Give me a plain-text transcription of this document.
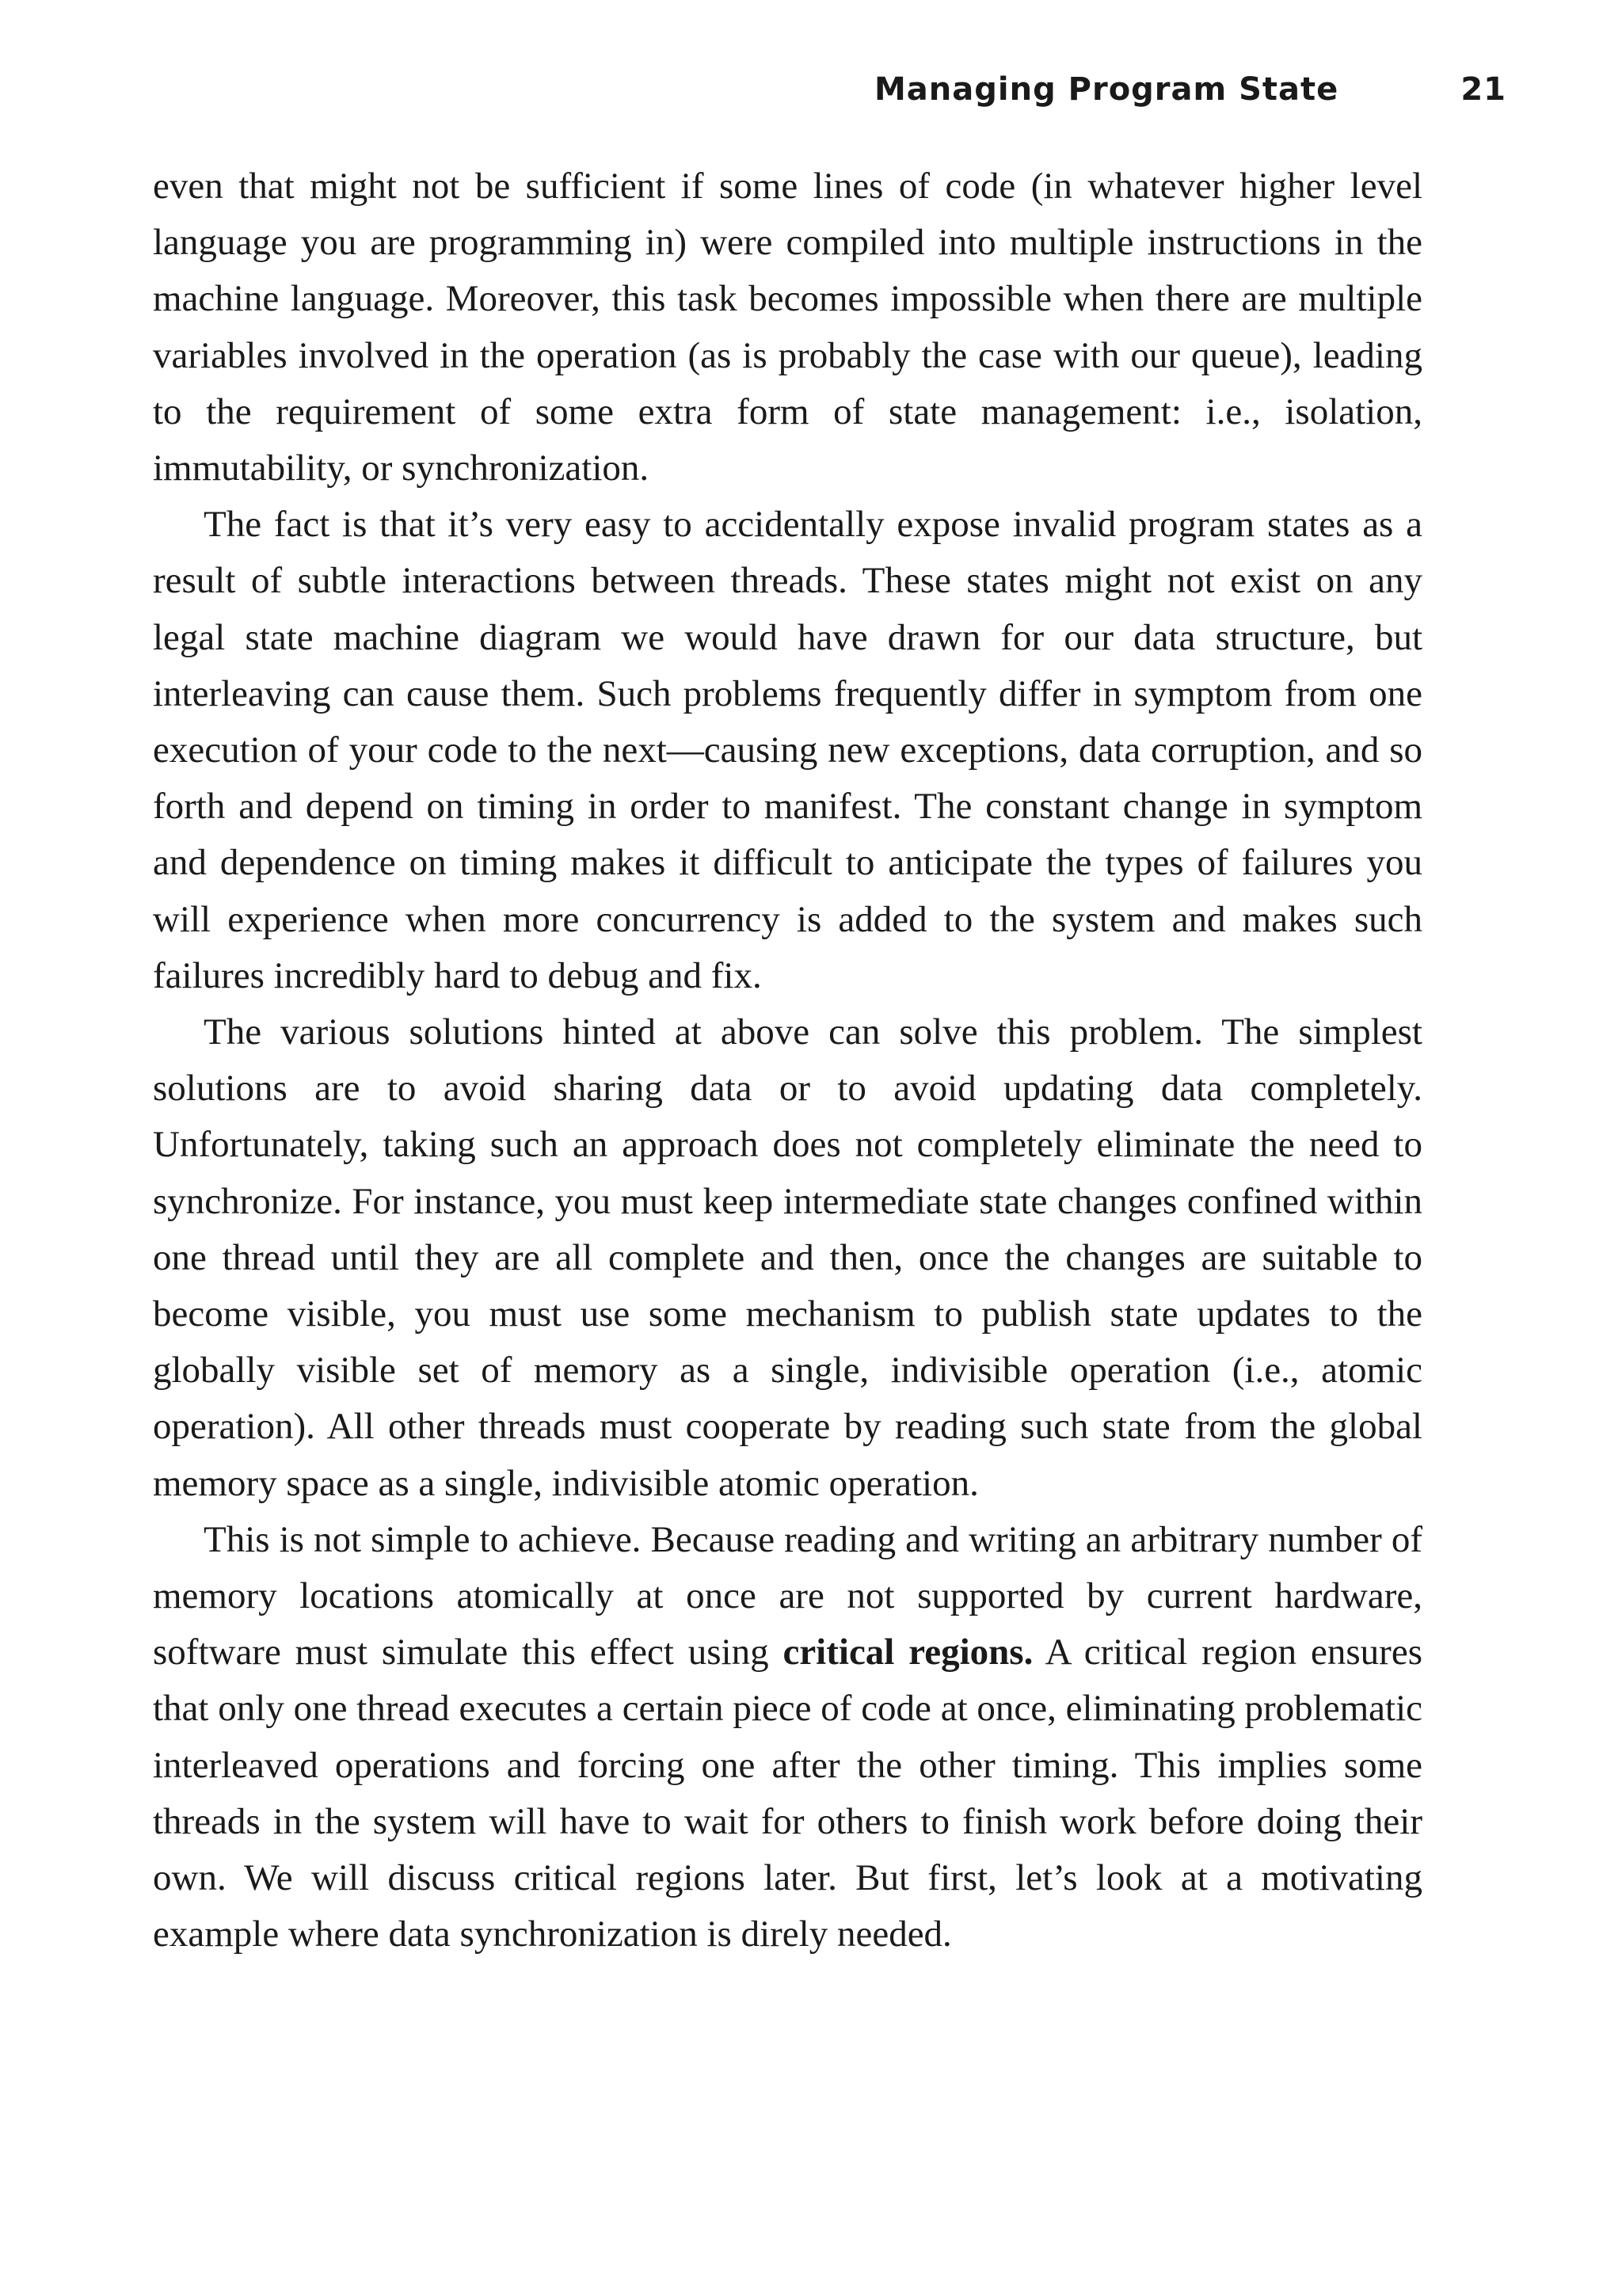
Managing Program State	21

even that might not be sufficient if some lines of code (in whatever higher level language you are programming in) were compiled into multiple instructions in the machine language. Moreover, this task becomes impossible when there are multiple variables involved in the operation (as is probably the case with our queue), leading to the requirement of some extra form of state management: i.e., isolation, immutability, or synchronization.

The fact is that it’s very easy to accidentally expose invalid program states as a result of subtle interactions between threads. These states might not exist on any legal state machine diagram we would have drawn for our data structure, but interleaving can cause them. Such problems frequently differ in symptom from one execution of your code to the next—causing new exceptions, data corruption, and so forth and depend on timing in order to manifest. The constant change in symptom and dependence on timing makes it difficult to anticipate the types of failures you will experience when more concurrency is added to the system and makes such failures incredibly hard to debug and fix.

The various solutions hinted at above can solve this problem. The simplest solutions are to avoid sharing data or to avoid updating data completely. Unfortunately, taking such an approach does not completely eliminate the need to synchronize. For instance, you must keep intermediate state changes confined within one thread until they are all complete and then, once the changes are suitable to become visible, you must use some mechanism to publish state updates to the globally visible set of memory as a single, indivisible operation (i.e., atomic operation). All other threads must cooperate by reading such state from the global memory space as a single, indivisible atomic operation.

This is not simple to achieve. Because reading and writing an arbitrary number of memory locations atomically at once are not supported by current hardware, software must simulate this effect using critical regions. A critical region ensures that only one thread executes a certain piece of code at once, eliminating problematic interleaved operations and forcing one after the other timing. This implies some threads in the system will have to wait for others to finish work before doing their own. We will discuss critical regions later. But first, let’s look at a motivating example where data synchronization is direly needed.
